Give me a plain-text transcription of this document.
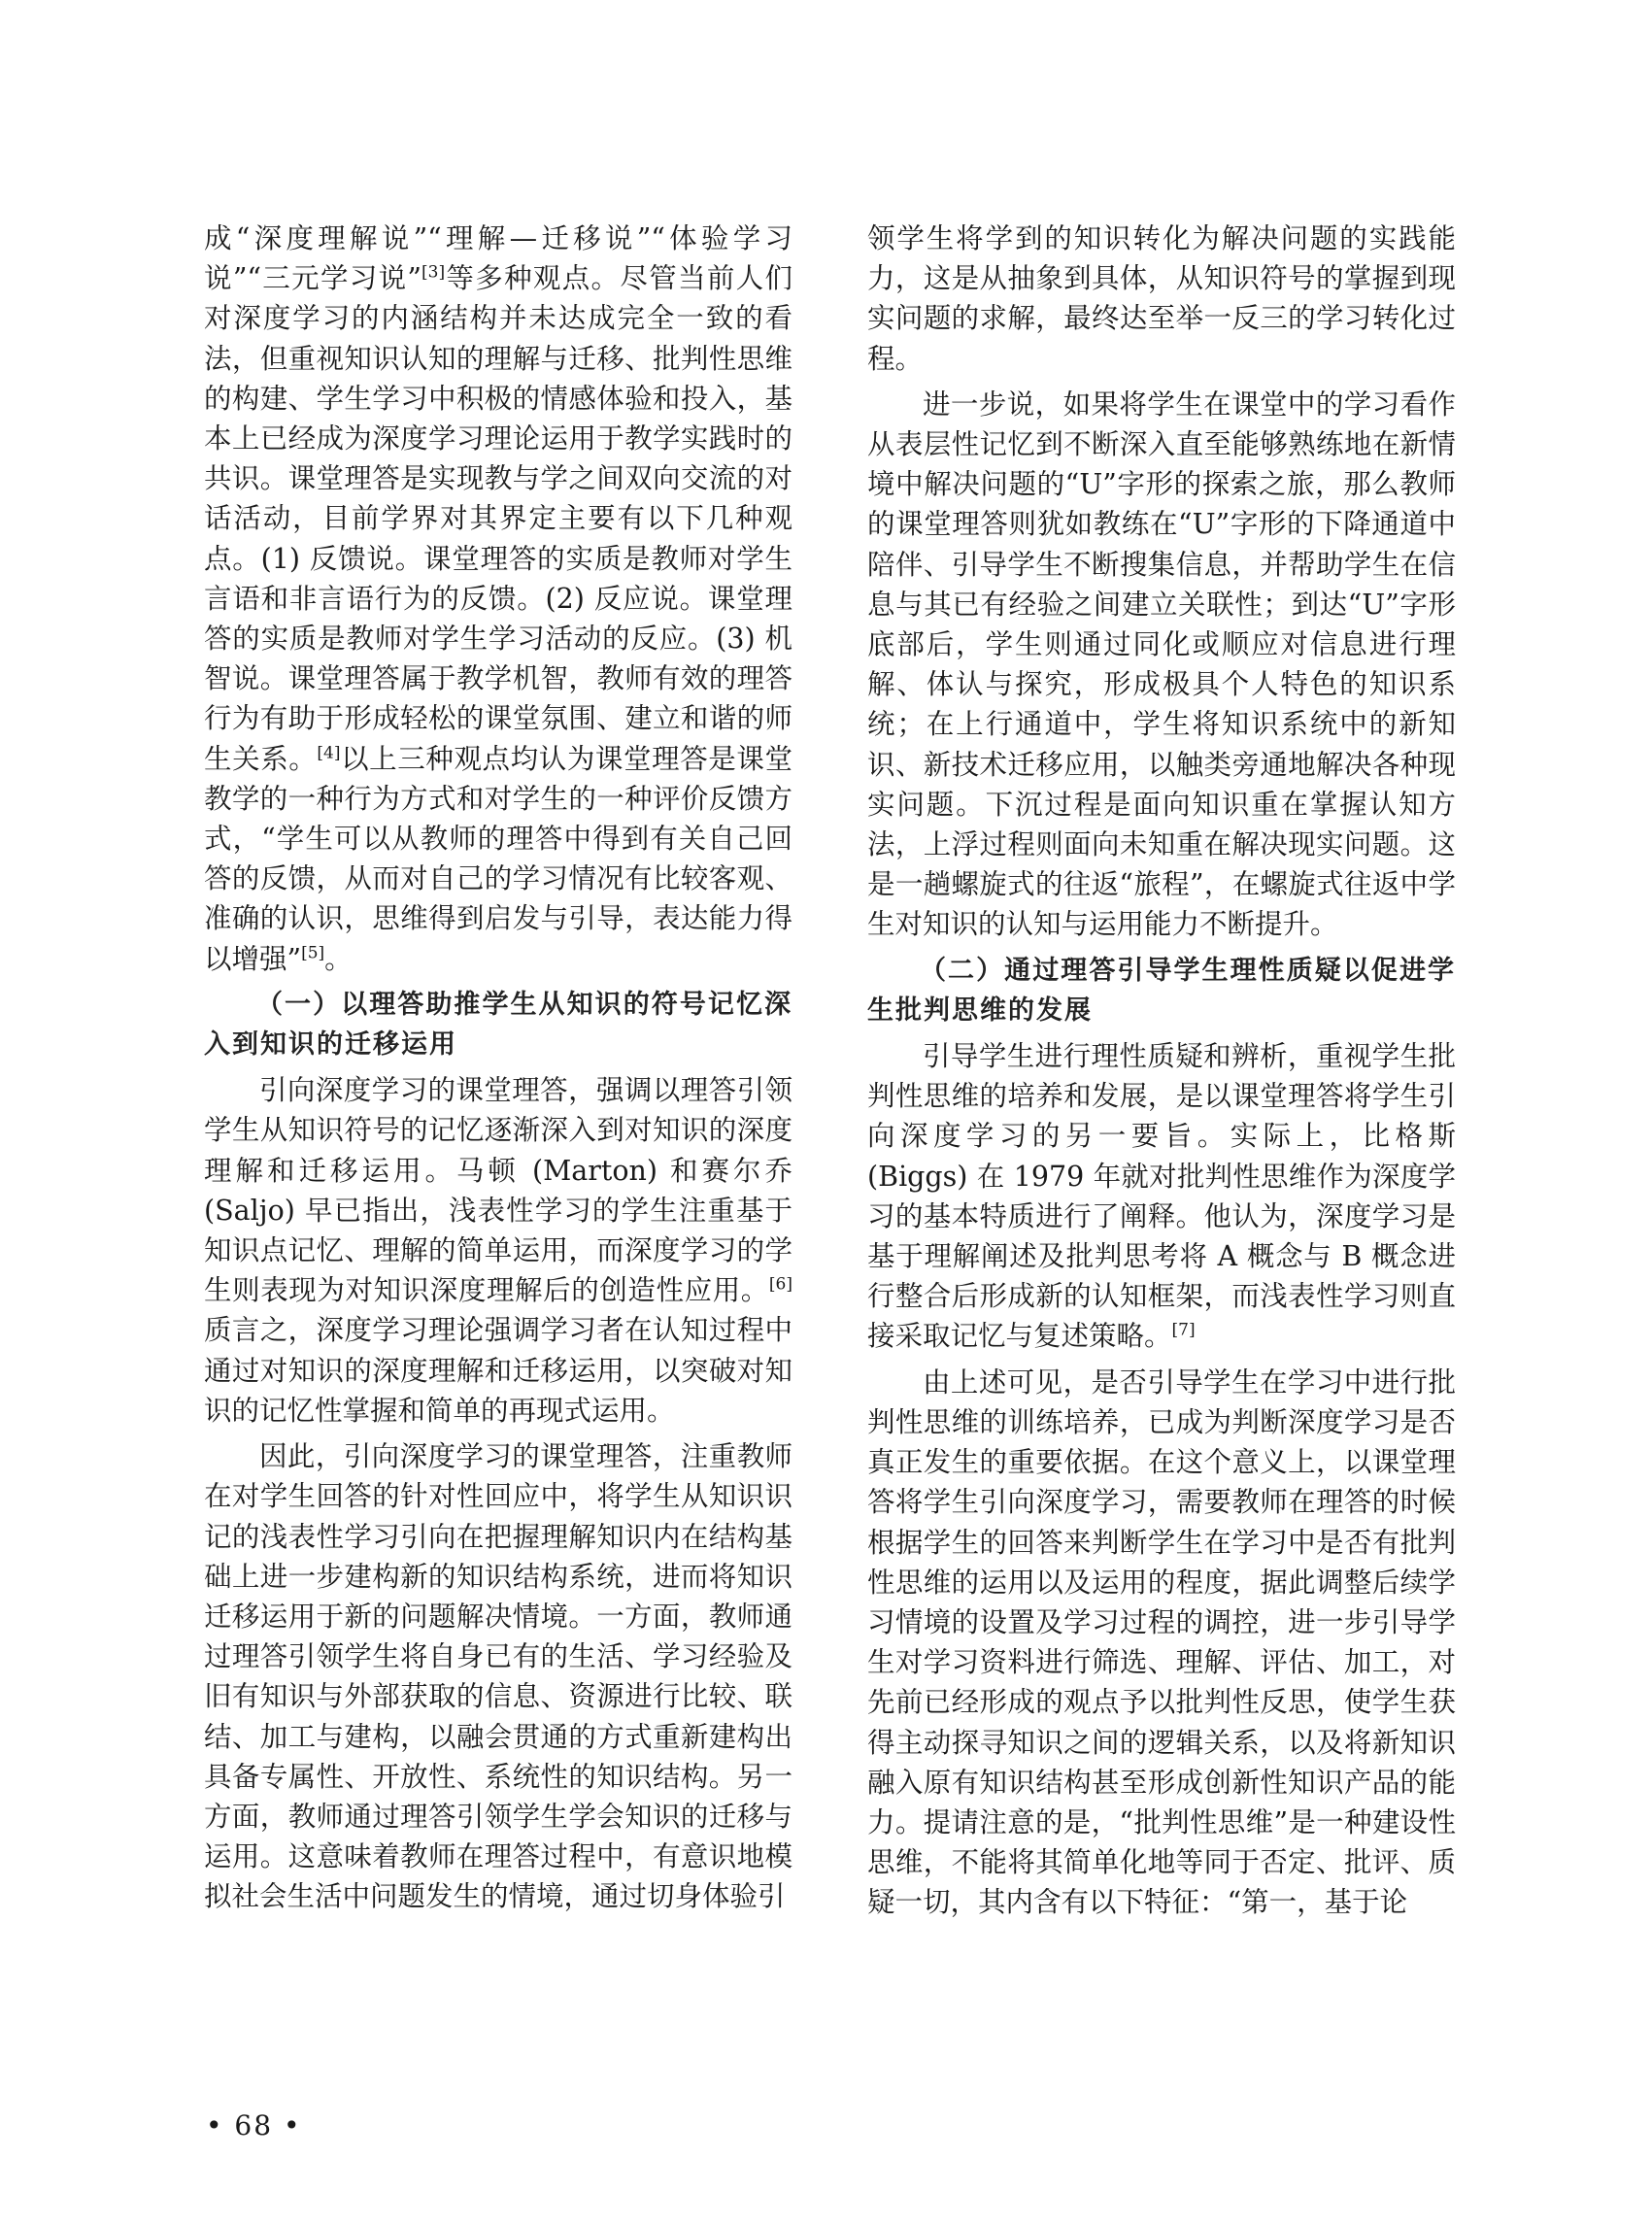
成“深度理解说”“理解—迁移说”“体验学习说”“三元学习说”[3]等多种观点。尽管当前人们对深度学习的内涵结构并未达成完全一致的看法，但重视知识认知的理解与迁移、批判性思维的构建、学生学习中积极的情感体验和投入，基本上已经成为深度学习理论运用于教学实践时的共识。课堂理答是实现教与学之间双向交流的对话活动，目前学界对其界定主要有以下几种观点。(1) 反馈说。课堂理答的实质是教师对学生言语和非言语行为的反馈。(2) 反应说。课堂理答的实质是教师对学生学习活动的反应。(3) 机智说。课堂理答属于教学机智，教师有效的理答行为有助于形成轻松的课堂氛围、建立和谐的师生关系。[4]以上三种观点均认为课堂理答是课堂教学的一种行为方式和对学生的一种评价反馈方式，“学生可以从教师的理答中得到有关自己回答的反馈，从而对自己的学习情况有比较客观、准确的认识，思维得到启发与引导，表达能力得以增强”[5]。

（一）以理答助推学生从知识的符号记忆深入到知识的迁移运用

引向深度学习的课堂理答，强调以理答引领学生从知识符号的记忆逐渐深入到对知识的深度理解和迁移运用。马顿 (Marton) 和赛尔乔 (Saljo) 早已指出，浅表性学习的学生注重基于知识点记忆、理解的简单运用，而深度学习的学生则表现为对知识深度理解后的创造性应用。[6]质言之，深度学习理论强调学习者在认知过程中通过对知识的深度理解和迁移运用，以突破对知识的记忆性掌握和简单的再现式运用。

因此，引向深度学习的课堂理答，注重教师在对学生回答的针对性回应中，将学生从知识识记的浅表性学习引向在把握理解知识内在结构基础上进一步建构新的知识结构系统，进而将知识迁移运用于新的问题解决情境。一方面，教师通过理答引领学生将自身已有的生活、学习经验及旧有知识与外部获取的信息、资源进行比较、联结、加工与建构，以融会贯通的方式重新建构出具备专属性、开放性、系统性的知识结构。另一方面，教师通过理答引领学生学会知识的迁移与运用。这意味着教师在理答过程中，有意识地模拟社会生活中问题发生的情境，通过切身体验引

领学生将学到的知识转化为解决问题的实践能力，这是从抽象到具体，从知识符号的掌握到现实问题的求解，最终达至举一反三的学习转化过程。

进一步说，如果将学生在课堂中的学习看作从表层性记忆到不断深入直至能够熟练地在新情境中解决问题的“U”字形的探索之旅，那么教师的课堂理答则犹如教练在“U”字形的下降通道中陪伴、引导学生不断搜集信息，并帮助学生在信息与其已有经验之间建立关联性；到达“U”字形底部后，学生则通过同化或顺应对信息进行理解、体认与探究，形成极具个人特色的知识系统；在上行通道中，学生将知识系统中的新知识、新技术迁移应用，以触类旁通地解决各种现实问题。下沉过程是面向知识重在掌握认知方法，上浮过程则面向未知重在解决现实问题。这是一趟螺旋式的往返“旅程”，在螺旋式往返中学生对知识的认知与运用能力不断提升。

（二）通过理答引导学生理性质疑以促进学生批判思维的发展

引导学生进行理性质疑和辨析，重视学生批判性思维的培养和发展，是以课堂理答将学生引向深度学习的另一要旨。实际上，比格斯 (Biggs) 在 1979 年就对批判性思维作为深度学习的基本特质进行了阐释。他认为，深度学习是基于理解阐述及批判思考将 A 概念与 B 概念进行整合后形成新的认知框架，而浅表性学习则直接采取记忆与复述策略。[7]

由上述可见，是否引导学生在学习中进行批判性思维的训练培养，已成为判断深度学习是否真正发生的重要依据。在这个意义上，以课堂理答将学生引向深度学习，需要教师在理答的时候根据学生的回答来判断学生在学习中是否有批判性思维的运用以及运用的程度，据此调整后续学习情境的设置及学习过程的调控，进一步引导学生对学习资料进行筛选、理解、评估、加工，对先前已经形成的观点予以批判性反思，使学生获得主动探寻知识之间的逻辑关系，以及将新知识融入原有知识结构甚至形成创新性知识产品的能力。提请注意的是，“批判性思维”是一种建设性思维，不能将其简单化地等同于否定、批评、质疑一切，其内含有以下特征：“第一，基于论

• 68 •
